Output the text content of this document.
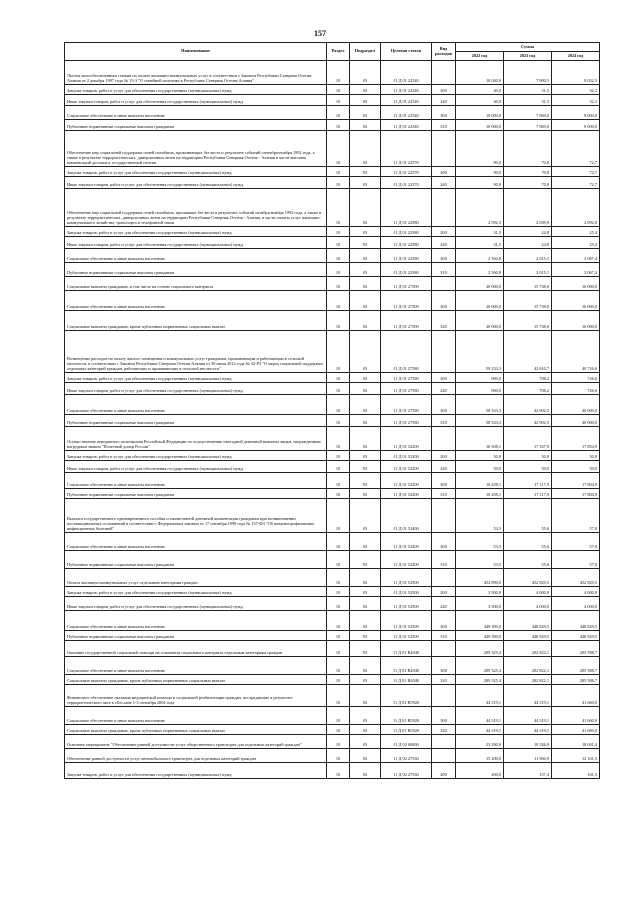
157
Наименование	Раздел	Подраздел	Целевая статья	Вид расходов	Сумма		
					2022 год	2023 год	2024 год
Льготы малообеспеченным семьям по оплате жилищно-коммунальных услуг в соответствии с Законом Республики Северная Осетия-Алания от 2 декабря 1997 года № 15-3 "О семейной политике в Республике Северная Осетия-Алания"	10	03	11 Д 01 22540		10 040,0	7 900,5	8 032,3
Закупка товаров, работ и услуг для обеспечения государственных (муниципальных) нужд	10	03	11 Д 01 22540	200	40,0	31,5	32,3
Иные закупки товаров, работ и услуг для обеспечения государственных (муниципальных) нужд	10	03	11 Д 01 22540	240	40,0	31,5	32,3
Социальное обеспечение и иные выплаты населению	10	03	11 Д 01 22540	300	10 000,0	7 869,0	8 000,0
Публичные нормативные социальные выплаты гражданам	10	03	11 Д 01 22540	310	10 000,0	7 869,0	8 000,0
Обеспечение мер социальной поддержки семей погибших, проживающих без веста и результате событий сентября-ноября 1992 года, а также в результате террористических, диверсионных актов на территории Республики Северная Осетия - Алания в части выплаты компенсаций доплаты к государственной пенсии	10	03	11 Д 01 22570		90,0	70,8	72,7
Закупка товаров, работ и услуг для обеспечения государственных (муниципальных) нужд	10	03	11 Д 01 22570	200	90,0	70,8	72,7
Иные закупки товаров, работ и услуг для обеспечения государственных (муниципальных) нужд	10	03	11 Д 01 22570	240	90,0	70,8	72,7
Обеспечение мер социальной поддержки семей погибших, пропавших без веста в результате событий октября-ноября 1992 года, а также в результате террористических, диверсионных актов на территории Республики Северная Осетия - Алания, в части оплаты услуг жилищно-коммунального хозяйства, транспорта и телефонной связи	10	03	11 Д 01 22580		2 592,3	2 039,9	2 092,8
Закупка товаров, работ и услуг для обеспечения государственных (муниципальных) нужд	10	03	11 Д 01 22580	200	31,5	24,8	25,4
Иные закупки товаров, работ и услуг для обеспечения государственных (муниципальных) нужд	10	03	11 Д 01 22580	240	31,5	24,8	25,4
Социальное обеспечение и иные выплаты населению	10	03	11 Д 01 22580	300	2 560,8	2 015,1	2 067,4
Публичные нормативные социальные выплаты гражданам	10	03	11 Д 01 22580	310	2 560,8	2 015,1	2 067,4
Социальные выплаты гражданам, в том числе на основе социального контракта	10	03	11 Д 01 27500		20 000,0	15 738,0	16 000,0
Социальное обеспечение и иные выплаты населению	10	03	11 Д 01 27500	300	20 000,0	15 738,0	16 000,0
Социальные выплаты гражданам, кроме публичных нормативных социальных выплат	10	03	11 Д 01 27500	320	20 000,0	15 738,0	16 000,0
Возмещение расходов на оплату жилого помещения и коммунальных услуг гражданам, проживающим и работающим в сельской местности, в соответствии с Законом Республики Северная Осетия-Алания от 30 июля 2012 года № 32-РЗ "О мерах социальной поддержки отдельных категорий граждан, работающих и проживающих в сельской местности"	10	03	11 Д 01 27580		59 233,3	42 610,7	40 726,6
Закупка товаров, работ и услуг для обеспечения государственных (муниципальных) нужд	10	03	11 Д 01 27580	200	900,0	708,2	726,6
Иные закупки товаров, работ и услуг для обеспечения государственных (муниципальных) нужд	10	03	11 Д 01 27580	240	900,0	708,2	726,6
Социальное обеспечение и иные выплаты населению	10	03	11 Д 01 27580	300	58 333,3	42 902,5	40 000,0
Публичные нормативные социальные выплаты гражданам	10	03	11 Д 01 27580	310	58 333,3	42 902,5	40 000,0
Осуществление переданного полномочия Российской Федерации по осуществлению ежегодной денежной выплаты лицам, награжденным нагрудным знаком "Почетный донор России"	10	03	11 Д 01 52200		16 508,1	17 167,9	17 854,9
Закупка товаров, работ и услуг для обеспечения государственных (муниципальных) нужд	10	03	11 Д 01 52200	200	50,0	50,0	50,0
Иные закупки товаров, работ и услуг для обеспечения государственных (муниципальных) нужд	10	03	11 Д 01 52200	240	50,0	50,0	50,0
Социальное обеспечение и иные выплаты населению	10	03	11 Д 01 52200	300	16 458,1	17 117,9	17 804,9
Публичные нормативные социальные выплаты гражданам	10	03	11 Д 01 52200	310	16 458,1	17 117,9	17 804,9
Выплата государственного единовременного пособия и ежемесячной денежной компенсации гражданам при возникновении поствакцинальных осложнений в соответствии с Федеральным законом от 17 сентября 1998 года № 157-ФЗ "Об иммунопрофилактике инфекционных болезней"	10	03	11 Д 01 52400		53,5	55,6	57,8
Социальное обеспечение и иные выплаты населению	10	03	11 Д 01 52400	300	53,5	55,6	57,8
Публичные нормативные социальные выплаты гражданам	10	03	11 Д 01 52400	310	53,5	55,6	57,8
Оплата жилищно-коммунальных услуг отдельным категориям граждан	10	03	11 Д 01 52500		452 890,0	452 829,5	452 829,5
Закупка товаров, работ и услуг для обеспечения государственных (муниципальных) нужд	10	03	11 Д 01 52500	200	3 500,0	4 000,0	4 000,0
Иные закупки товаров, работ и услуг для обеспечения государственных (муниципальных) нужд	10	03	11 Д 01 52500	240	3 500,0	4 000,0	4 000,0
Социальное обеспечение и иные выплаты населению	10	03	11 Д 01 52500	300	449 390,0	448 829,5	448 829,5
Публичные нормативные социальные выплаты гражданам	10	03	11 Д 01 52500	310	449 390,0	448 829,5	448 829,5
Оказание государственной социальной помощи на основании социального контракта отдельным категориям граждан	10	03	11 Д 01 R4040		209 325,4	202 822,1	205 588,7
Социальное обеспечение и иные выплаты населению	10	03	11 Д 01 R4040	300	209 325,4	202 822,1	205 588,7
Социальные выплаты гражданам, кроме публичных нормативных социальных выплат	10	03	11 Д 01 R4040	320	209 325,4	202 822,1	205 588,7
Финансовое обеспечение оказания медицинской помощи и социальной реабилитации граждан, пострадавших в результате террористического акта в г.Беслане 1-3 сентября 2004 года	10	03	11 Д 01 R5920		44 319,1	44 319,1	41 660,0
Социальное обеспечение и иные выплаты населению	10	03	11 Д 01 R5920	300	44 319,1	44 319,1	41 660,0
Социальные выплаты гражданам, кроме публичных нормативных социальных выплат	10	03	11 Д 01 R5920	320	44 319,1	44 319,1	41 660,0
Основное мероприятие "Обеспечение равной доступности услуг общественного транспорта для отдельных категорий граждан"	10	03	11 Д 02 00000		23 290,0	18 326,9	18 041,4
Обеспечение равной доступности услуг автомобильного транспорта для отдельных категорий граждан	10	03	11 Д 02 27530		15 200,0	11 960,9	12 161,5
Закупка товаров, работ и услуг для обеспечения государственных (муниципальных) нужд	10	03	11 Д 02 27530	200	200,0	157,4	161,5
